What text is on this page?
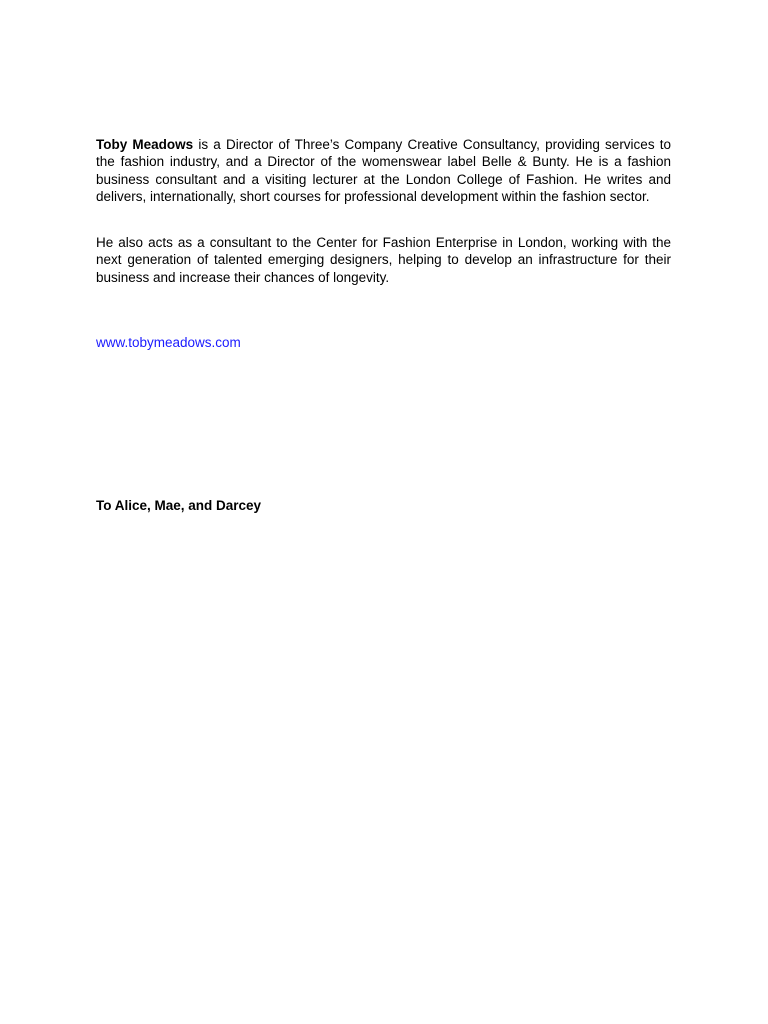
Toby Meadows is a Director of Three’s Company Creative Consultancy, providing services to the fashion industry, and a Director of the womenswear label Belle & Bunty. He is a fashion business consultant and a visiting lecturer at the London College of Fashion. He writes and delivers, internationally, short courses for professional development within the fashion sector.

He also acts as a consultant to the Center for Fashion Enterprise in London, working with the next generation of talented emerging designers, helping to develop an infrastructure for their business and increase their chances of longevity.

www.tobymeadows.com
To Alice, Mae, and Darcey
